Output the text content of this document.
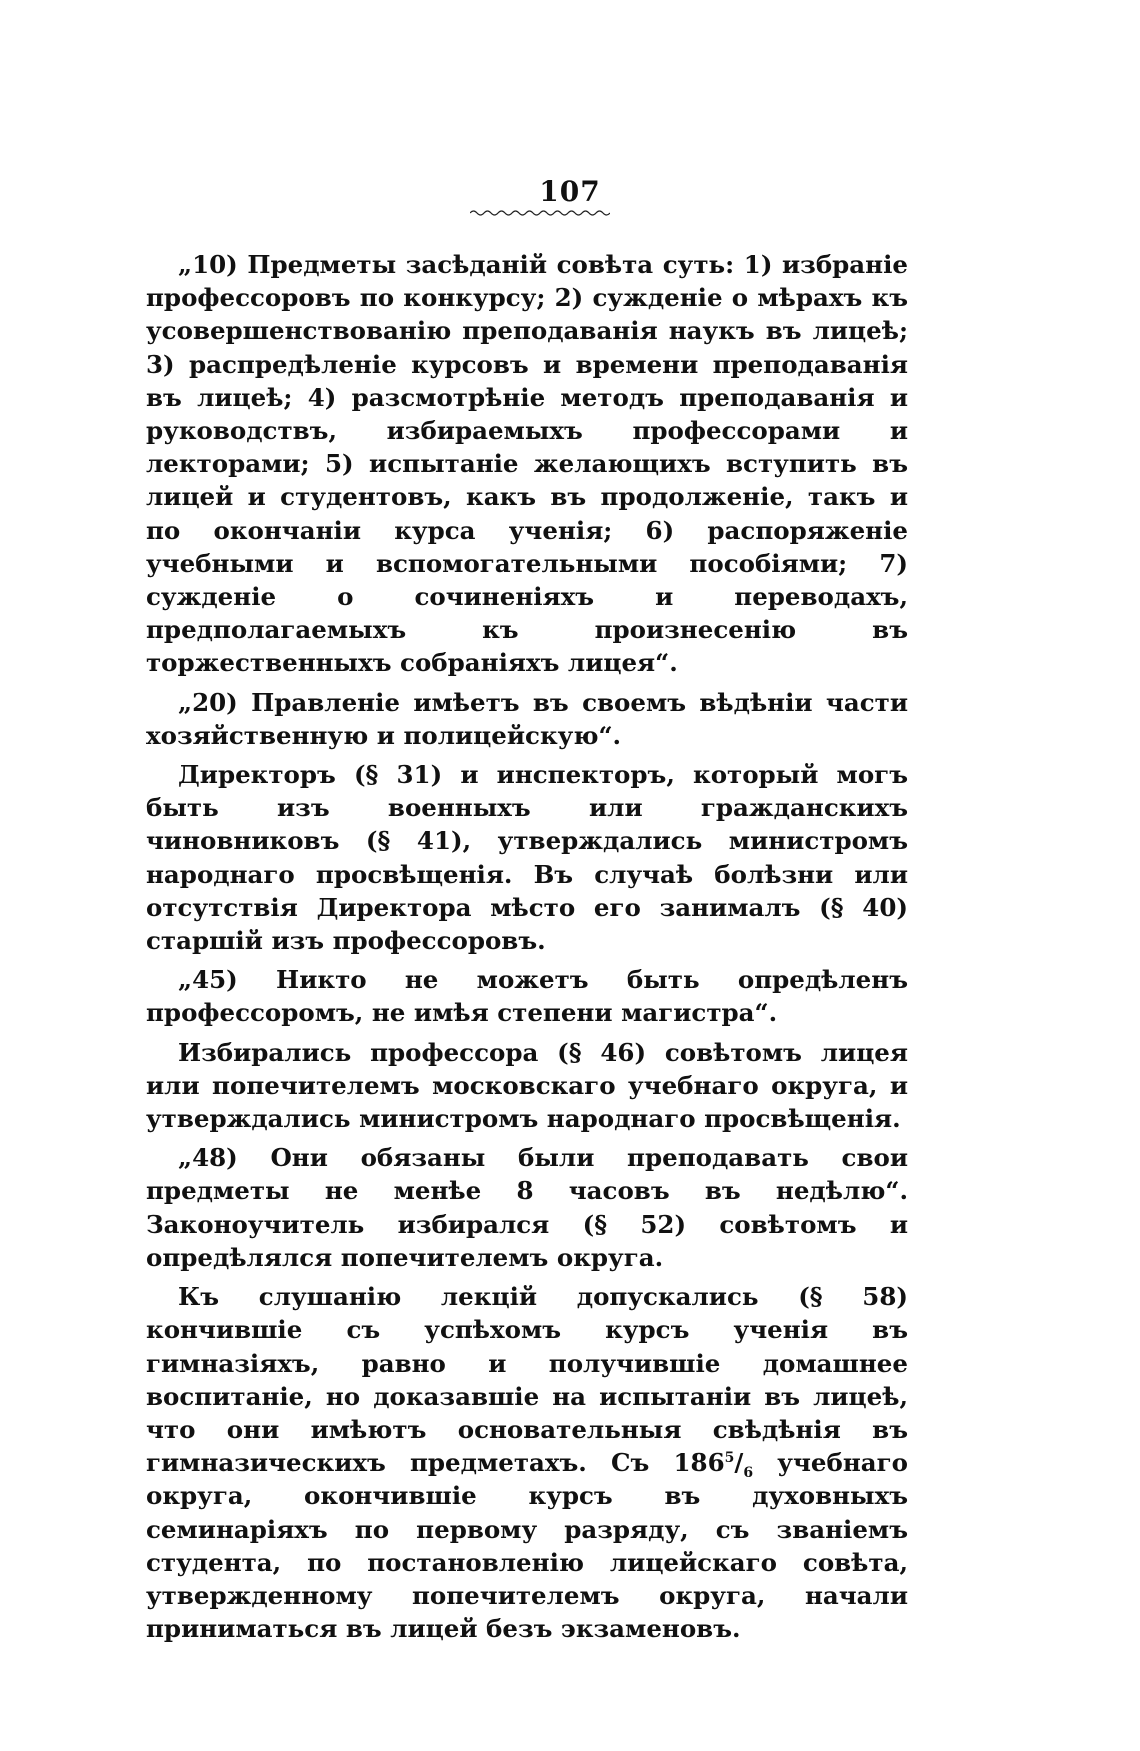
107

„10) Предметы засѣданій совѣта суть: 1) избраніе профессоровъ по конкурсу; 2) сужденіе о мѣрахъ къ усовершенствованію преподаванія наукъ въ лицеѣ; 3) распредѣленіе курсовъ и времени преподаванія въ лицеѣ; 4) разсмотрѣніе методъ преподаванія и руководствъ, избираемыхъ профессорами и лекторами; 5) испытаніе желающихъ вступить въ лицей и студентовъ, какъ въ продолженіе, такъ и по окончаніи курса ученія; 6) распоряженіе учебными и вспомогательными пособіями; 7) сужденіе о сочиненіяхъ и переводахъ, предполагаемыхъ къ произнесенію въ торжественныхъ собраніяхъ лицея“.

„20) Правленіе имѣетъ въ своемъ вѣдѣніи части хозяйственную и полицейскую“.

Директоръ (§ 31) и инспекторъ, который могъ быть изъ военныхъ или гражданскихъ чиновниковъ (§ 41), утверждались министромъ народнаго просвѣщенія. Въ случаѣ болѣзни или отсутствія Директора мѣсто его занималъ (§ 40) старшій изъ профессоровъ.

„45) Никто не можетъ быть опредѣленъ профессоромъ, не имѣя степени магистра“.

Избирались профессора (§ 46) совѣтомъ лицея или попечителемъ московскаго учебнаго округа, и утверждались министромъ народнаго просвѣщенія.

„48) Они обязаны были преподавать свои предметы не менѣе 8 часовъ въ недѣлю“. Законоучитель избирался (§ 52) совѣтомъ и опредѣлялся попечителемъ округа.

Къ слушанію лекцій допускались (§ 58) кончившіе съ успѣхомъ курсъ ученія въ гимназіяхъ, равно и получившіе домашнее воспитаніе, но доказавшіе на испытаніи въ лицеѣ, что они имѣютъ основательныя свѣдѣнія въ гимназическихъ предметахъ. Съ $186^5/_6$ учебнаго округа, окончившіе курсъ въ духовныхъ семинаріяхъ по первому разряду, съ званіемъ студента, по постановленію лицейскаго совѣта, утвержденному попечителемъ округа, начали приниматься въ лицей безъ экзаменовъ.
